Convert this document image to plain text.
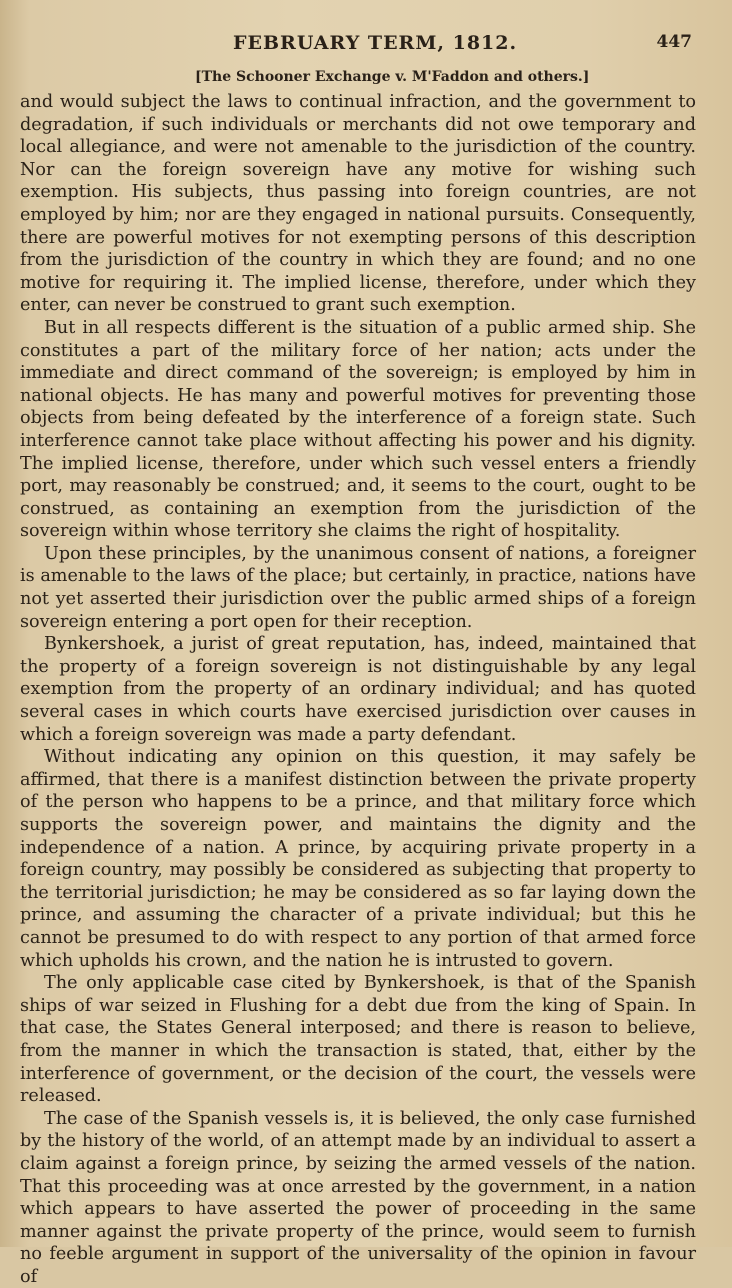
FEBRUARY TERM, 1812.	447
[The Schooner Exchange v. M'Faddon and others.]

and would subject the laws to continual infraction, and the government to degradation, if such individuals or merchants did not owe temporary and local allegiance, and were not amenable to the jurisdiction of the country. Nor can the foreign sovereign have any motive for wishing such exemption. His subjects, thus passing into foreign countries, are not employed by him; nor are they engaged in national pursuits. Consequently, there are powerful motives for not exempting persons of this description from the jurisdiction of the country in which they are found; and no one motive for requiring it. The implied license, therefore, under which they enter, can never be construed to grant such exemption.

But in all respects different is the situation of a public armed ship. She constitutes a part of the military force of her nation; acts under the immediate and direct command of the sovereign; is employed by him in national objects. He has many and powerful motives for preventing those objects from being defeated by the interference of a foreign state. Such interference cannot take place without affecting his power and his dignity. The implied license, therefore, under which such vessel enters a friendly port, may reasonably be construed; and, it seems to the court, ought to be construed, as containing an exemption from the jurisdiction of the sovereign within whose territory she claims the right of hospitality.

Upon these principles, by the unanimous consent of nations, a foreigner is amenable to the laws of the place; but certainly, in practice, nations have not yet asserted their jurisdiction over the public armed ships of a foreign sovereign entering a port open for their reception.

Bynkershoek, a jurist of great reputation, has, indeed, maintained that the property of a foreign sovereign is not distinguishable by any legal exemption from the property of an ordinary individual; and has quoted several cases in which courts have exercised jurisdiction over causes in which a foreign sovereign was made a party defendant.

Without indicating any opinion on this question, it may safely be affirmed, that there is a manifest distinction between the private property of the person who happens to be a prince, and that military force which supports the sovereign power, and maintains the dignity and the independence of a nation. A prince, by acquiring private property in a foreign country, may possibly be considered as subjecting that property to the territorial jurisdiction; he may be considered as so far laying down the prince, and assuming the character of a private individual; but this he cannot be presumed to do with respect to any portion of that armed force which upholds his crown, and the nation he is intrusted to govern.

The only applicable case cited by Bynkershoek, is that of the Spanish ships of war seized in Flushing for a debt due from the king of Spain. In that case, the States General interposed; and there is reason to believe, from the manner in which the transaction is stated, that, either by the interference of government, or the decision of the court, the vessels were released.

The case of the Spanish vessels is, it is believed, the only case furnished by the history of the world, of an attempt made by an individual to assert a claim against a foreign prince, by seizing the armed vessels of the nation. That this proceeding was at once arrested by the government, in a nation which appears to have asserted the power of proceeding in the same manner against the private property of the prince, would seem to furnish no feeble argument in support of the universality of the opinion in favour of
